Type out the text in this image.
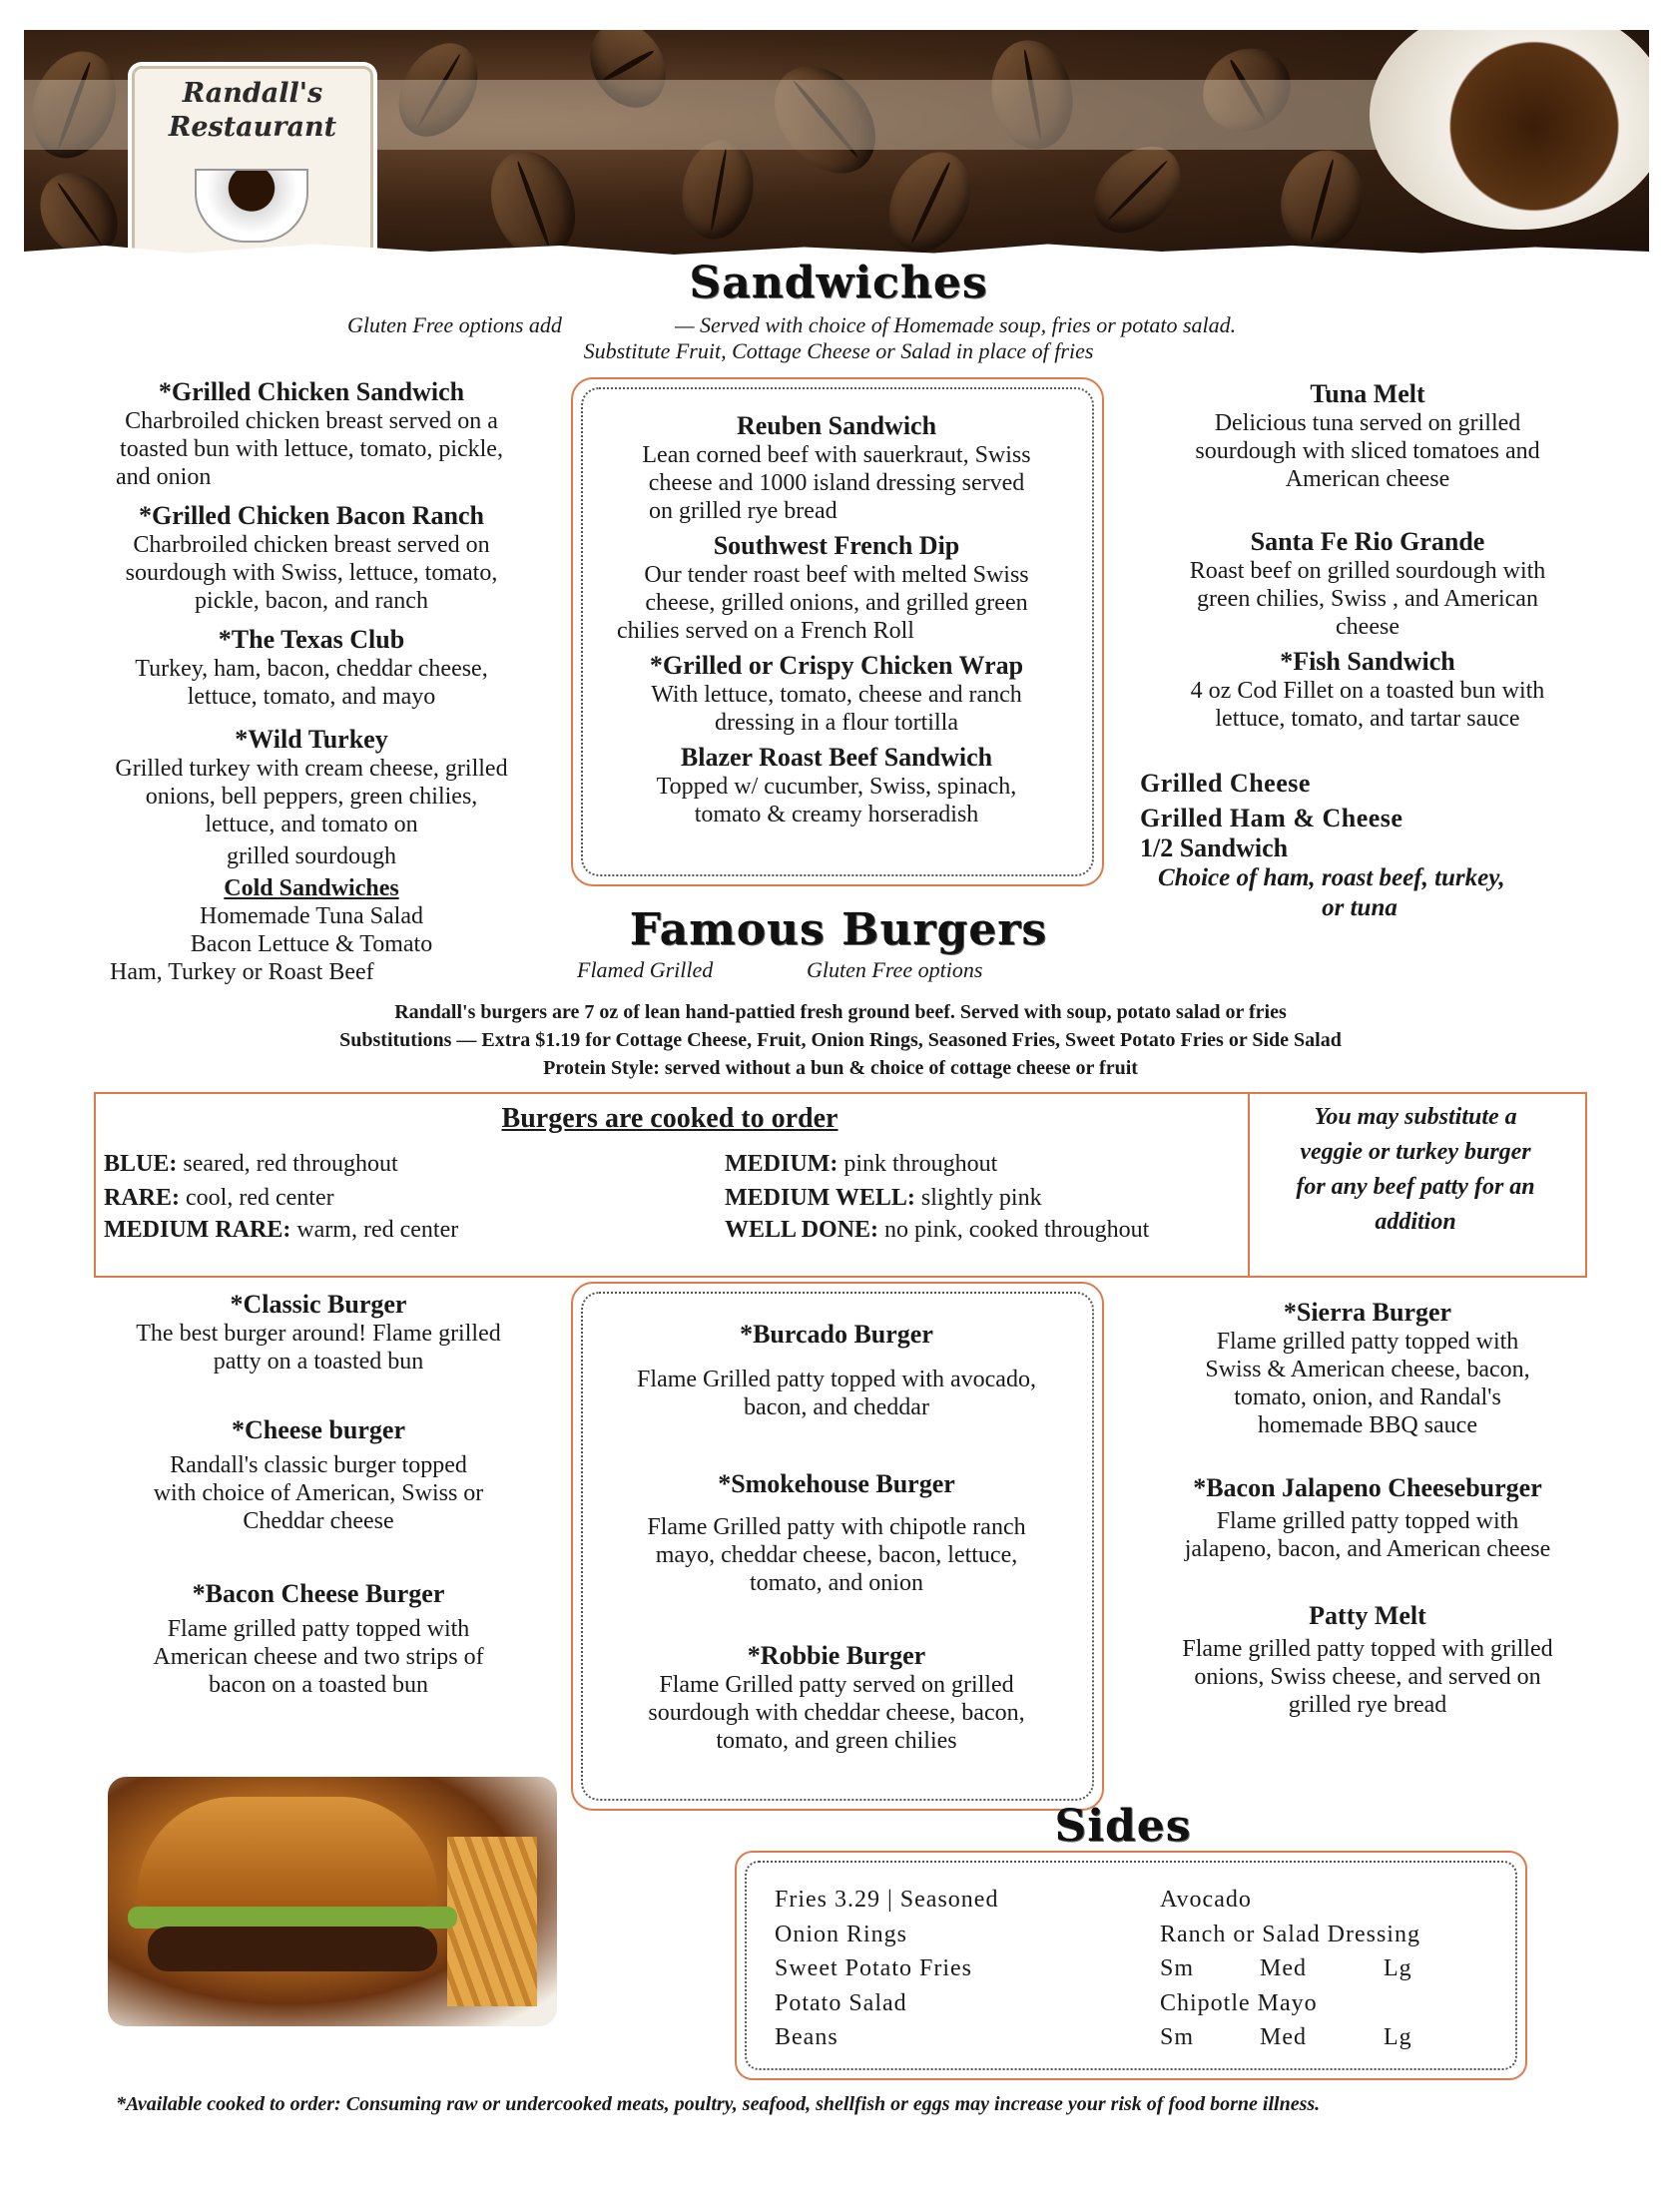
Randall's
Restaurant
Sandwiches
Gluten Free options add	— Served with choice of Homemade soup, fries or potato salad.
Substitute Fruit, Cottage Cheese or Salad in place of fries
*Grilled Chicken Sandwich
Charbroiled chicken breast served on a
toasted bun with lettuce, tomato, pickle,
and onion
*Grilled Chicken Bacon Ranch
Charbroiled chicken breast served on
sourdough with Swiss, lettuce, tomato,
pickle, bacon, and ranch
*The Texas Club
Turkey, ham, bacon, cheddar cheese,
lettuce, tomato, and mayo
*Wild Turkey
Grilled turkey with cream cheese, grilled
onions, bell peppers, green chilies,
lettuce, and tomato on
grilled sourdough
Cold Sandwiches
Homemade Tuna Salad
Bacon Lettuce & Tomato
Ham, Turkey or Roast Beef
Reuben Sandwich
Lean corned beef with sauerkraut, Swiss
cheese and 1000 island dressing served
on grilled rye bread
Southwest French Dip
Our tender roast beef with melted Swiss
cheese, grilled onions, and grilled green
chilies served on a French Roll
*Grilled or Crispy Chicken Wrap
With lettuce, tomato, cheese and ranch
dressing in a flour tortilla
Blazer Roast Beef Sandwich
Topped w/ cucumber, Swiss, spinach,
tomato & creamy horseradish
Tuna Melt
Delicious tuna served on grilled
sourdough with sliced tomatoes and
American cheese
Santa Fe Rio Grande
Roast beef on grilled sourdough with
green chilies, Swiss , and American
cheese
*Fish Sandwich
4 oz Cod Fillet on a toasted bun with
lettuce, tomato, and tartar sauce
Grilled Cheese
Grilled Ham & Cheese
1/2 Sandwich
Choice of ham, roast beef, turkey,
or tuna
Famous Burgers
Flamed Grilled	Gluten Free options
Randall's burgers are 7 oz of lean hand-pattied fresh ground beef. Served with soup, potato salad or fries
Substitutions — Extra $1.19 for Cottage Cheese, Fruit, Onion Rings, Seasoned Fries, Sweet Potato Fries or Side Salad
Protein Style: served without a bun & choice of cottage cheese or fruit
Burgers are cooked to order
BLUE: seared, red throughout
RARE: cool, red center
MEDIUM RARE: warm, red center
MEDIUM: pink throughout
MEDIUM WELL: slightly pink
WELL DONE: no pink, cooked throughout
You may substitute a
veggie or turkey burger
for any beef patty for an
addition
*Classic Burger
The best burger around! Flame grilled
patty on a toasted bun
*Cheese burger
Randall's classic burger topped
with choice of American, Swiss or
Cheddar cheese
*Bacon Cheese Burger
Flame grilled patty topped with
American cheese and two strips of
bacon on a toasted bun
*Burcado Burger
Flame Grilled patty topped with avocado,
bacon, and cheddar
*Smokehouse Burger
Flame Grilled patty with chipotle ranch
mayo, cheddar cheese, bacon, lettuce,
tomato, and onion
*Robbie Burger
Flame Grilled patty served on grilled
sourdough with cheddar cheese, bacon,
tomato, and green chilies
*Sierra Burger
Flame grilled patty topped with
Swiss & American cheese, bacon,
tomato, onion, and Randal's
homemade BBQ sauce
*Bacon Jalapeno Cheeseburger
Flame grilled patty topped with
jalapeno, bacon, and American cheese
Patty Melt
Flame grilled patty topped with grilled
onions, Swiss cheese, and served on
grilled rye bread
Sides
Fries 3.29 | Seasoned
Onion Rings
Sweet Potato Fries
Potato Salad
Beans
Avocado
Ranch or Salad Dressing
Sm	Med	Lg
Chipotle Mayo
Sm	Med	Lg
*Available cooked to order: Consuming raw or undercooked meats, poultry, seafood, shellfish or eggs may increase your risk of food borne illness.
